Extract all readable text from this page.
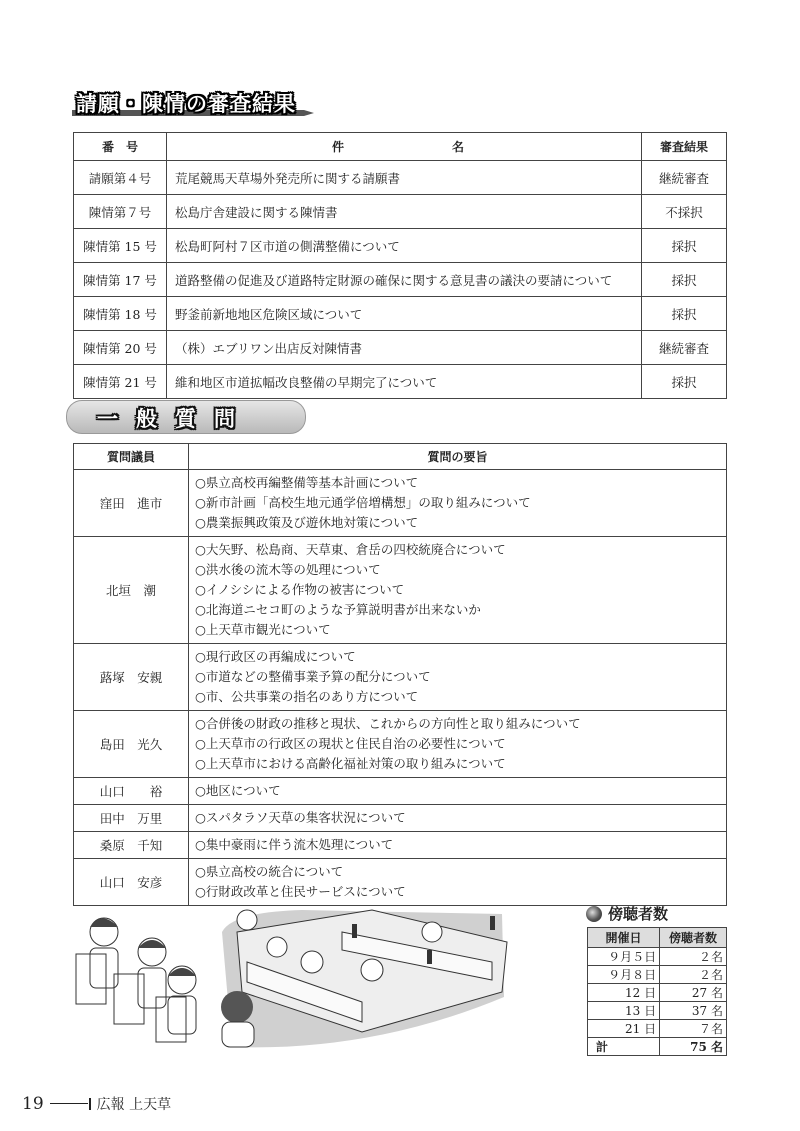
請願・陳情の審査結果
番　号	件　　　　名	審査結果
請願第４号	荒尾競馬天草場外発売所に関する請願書	継続審査
陳情第７号	松島庁舎建設に関する陳情書	不採択
陳情第 15 号	松島町阿村７区市道の側溝整備について	採択
陳情第 17 号	道路整備の促進及び道路特定財源の確保に関する意見書の議決の要請について	採択
陳情第 18 号	野釜前新地地区危険区域について	採択
陳情第 20 号	（株）エブリワン出店反対陳情書	継続審査
陳情第 21 号	維和地区市道拡幅改良整備の早期完了について	採択
一般質問
質問議員	質問の要旨
窪田　進市	○県立高校再編整備等基本計画について
○新市計画「高校生地元通学倍増構想」の取り組みについて
○農業振興政策及び遊休地対策について

北垣　潮	○大矢野、松島商、天草東、倉岳の四校統廃合について
○洪水後の流木等の処理について
○イノシシによる作物の被害について
○北海道ニセコ町のような予算説明書が出来ないか
○上天草市観光について

蕗塚　安親	○現行政区の再編成について
○市道などの整備事業予算の配分について
○市、公共事業の指名のあり方について

島田　光久	○合併後の財政の推移と現状、これからの方向性と取り組みについて
○上天草市の行政区の現状と住民自治の必要性について
○上天草市における高齢化福祉対策の取り組みについて

山口　　裕	○地区について

田中　万里	○スパタラソ天草の集客状況について

桑原　千知	○集中豪雨に伴う流木処理について

山口　安彦	○県立高校の統合について
○行財政改革と住民サービスについて
傍聴者数
開催日	傍聴者数
９月５日	２名
９月８日	２名
12 日	27 名
13 日	37 名
21 日	７名
計	75 名
19	広報 上天草
